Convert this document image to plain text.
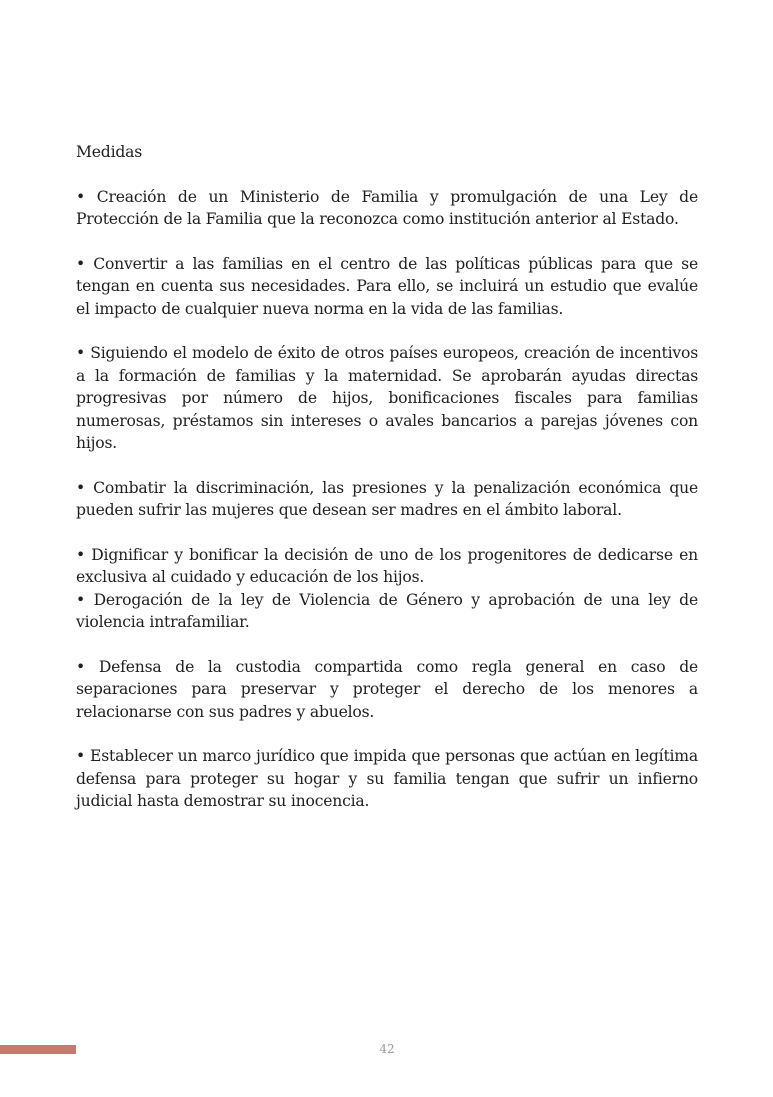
Medidas

• Creación de un Ministerio de Familia y promulgación de una Ley de Protección de la Familia que la reconozca como institución anterior al Estado.

• Convertir a las familias en el centro de las políticas públicas para que se tengan en cuenta sus necesidades. Para ello, se incluirá un estudio que evalúe el impacto de cualquier nueva norma en la vida de las familias.

• Siguiendo el modelo de éxito de otros países europeos, creación de incentivos a la formación de familias y la maternidad. Se aprobarán ayudas directas progresivas por número de hijos, bonificaciones fiscales para familias numerosas, préstamos sin intereses o avales bancarios a parejas jóvenes con hijos.

• Combatir la discriminación, las presiones y la penalización económica que pueden sufrir las mujeres que desean ser madres en el ámbito laboral.

• Dignificar y bonificar la decisión de uno de los progenitores de dedicarse en exclusiva al cuidado y educación de los hijos.

• Derogación de la ley de Violencia de Género y aprobación de una ley de violencia intrafamiliar.

• Defensa de la custodia compartida como regla general en caso de separaciones para preservar y proteger el derecho de los menores a relacionarse con sus padres y abuelos.

• Establecer un marco jurídico que impida que personas que actúan en legítima defensa para proteger su hogar y su familia tengan que sufrir un infierno judicial hasta demostrar su inocencia.

42
